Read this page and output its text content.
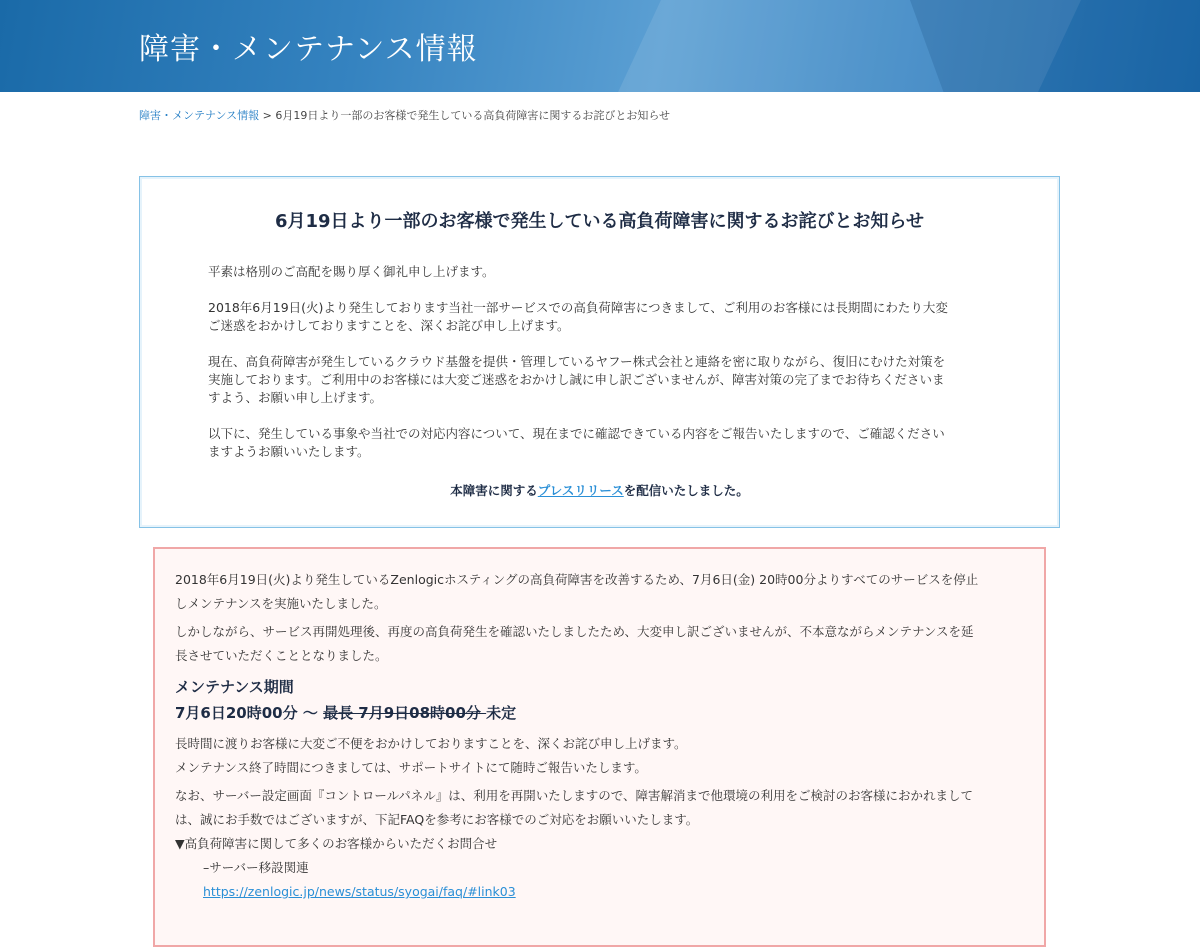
障害・メンテナンス情報
障害・メンテナンス情報 > 6月19日より一部のお客様で発生している高負荷障害に関するお詫びとお知らせ
6月19日より一部のお客様で発生している高負荷障害に関するお詫びとお知らせ

平素は格別のご高配を賜り厚く御礼申し上げます。

2018年6月19日(火)より発生しております当社一部サービスでの高負荷障害につきまして、ご利用のお客様には長期間にわたり大変
ご迷惑をおかけしておりますことを、深くお詫び申し上げます。

現在、高負荷障害が発生しているクラウド基盤を提供・管理しているヤフー株式会社と連絡を密に取りながら、復旧にむけた対策を
実施しております。ご利用中のお客様には大変ご迷惑をおかけし誠に申し訳ございませんが、障害対策の完了までお待ちくださいま
すよう、お願い申し上げます。

以下に、発生している事象や当社での対応内容について、現在までに確認できている内容をご報告いたしますので、ご確認ください
ますようお願いいたします。

本障害に関するプレスリリースを配信いたしました。
2018年6月19日(火)より発生しているZenlogicホスティングの高負荷障害を改善するため、7月6日(金) 20時00分よりすべてのサービスを停止
しメンテナンスを実施いたしました。
しかしながら、サービス再開処理後、再度の高負荷発生を確認いたしましたため、大変申し訳ございませんが、不本意ながらメンテナンスを延
長させていただくこととなりました。
メンテナンス期間
7月6日20時00分 〜 最長 7月9日08時00分 未定
長時間に渡りお客様に大変ご不便をおかけしておりますことを、深くお詫び申し上げます。
メンテナンス終了時間につきましては、サポートサイトにて随時ご報告いたします。
なお、サーバー設定画面『コントロールパネル』は、利用を再開いたしますので、障害解消まで他環境の利用をご検討のお客様におかれまして
は、誠にお手数ではございますが、下記FAQを参考にお客様でのご対応をお願いいたします。
▼高負荷障害に関して多くのお客様からいただくお問合せ
–サーバー移設関連
https://zenlogic.jp/news/status/syogai/faq/#link03
